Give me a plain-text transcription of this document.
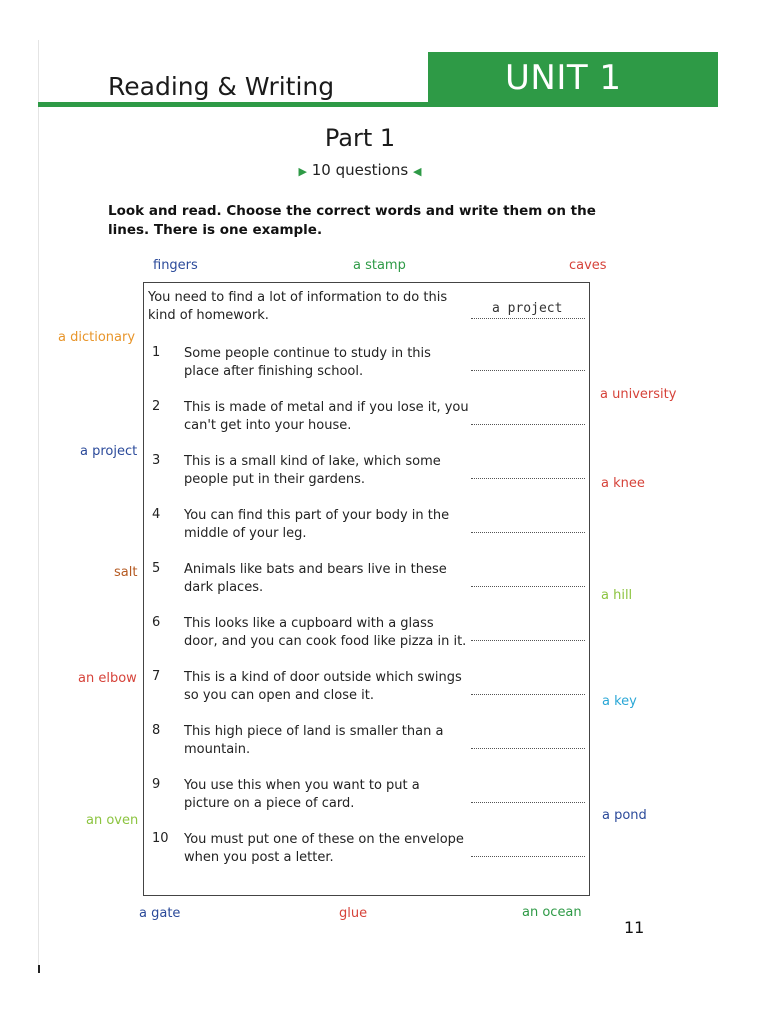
Reading & Writing	UNIT 1
Part 1
▶ 10 questions ◀
Look and read. Choose the correct words and write them on the lines. There is one example.
fingers	a stamp	caves
a dictionary
a university
a project
a knee
salt
a hill
an elbow
a key
an oven	a pond
a gate	glue	an ocean
You need to find a lot of information to do this kind of homework.	a project
1 Some people continue to study in this place after finishing school.
2 This is made of metal and if you lose it, you can't get into your house.
3 This is a small kind of lake, which some people put in their gardens.
4 You can find this part of your body in the middle of your leg.
5 Animals like bats and bears live in these dark places.
6 This looks like a cupboard with a glass door, and you can cook food like pizza in it.
7 This is a kind of door outside which swings so you can open and close it.
8 This high piece of land is smaller than a mountain.
9 You use this when you want to put a picture on a piece of card.
10 You must put one of these on the envelope when you post a letter.
11
